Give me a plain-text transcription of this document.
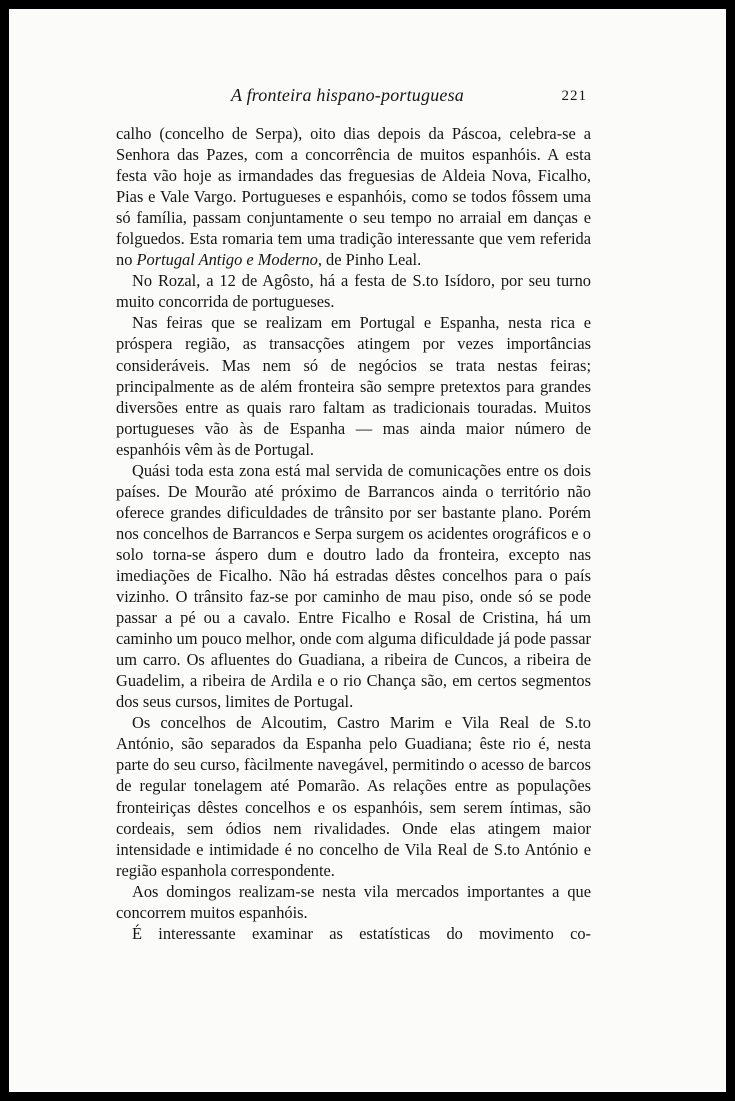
A fronteira hispano-portuguesa	221

calho (concelho de Serpa), oito dias depois da Páscoa, celebra-se a Senhora das Pazes, com a concorrência de muitos espanhóis. A esta festa vão hoje as irmandades das freguesias de Aldeia Nova, Ficalho, Pias e Vale Vargo. Portugueses e espanhóis, como se todos fôssem uma só família, passam conjuntamente o seu tempo no arraial em danças e folguedos. Esta romaria tem uma tradição interessante que vem referida no Portugal Antigo e Moderno, de Pinho Leal.

No Rozal, a 12 de Agôsto, há a festa de S.to Isídoro, por seu turno muito concorrida de portugueses.

Nas feiras que se realizam em Portugal e Espanha, nesta rica e próspera região, as transacções atingem por vezes importâncias consideráveis. Mas nem só de negócios se trata nestas feiras; principalmente as de além fronteira são sempre pretextos para grandes diversões entre as quais raro faltam as tradicionais touradas. Muitos portugueses vão às de Espanha — mas ainda maior número de espanhóis vêm às de Portugal.

Quási toda esta zona está mal servida de comunicações entre os dois países. De Mourão até próximo de Barrancos ainda o território não oferece grandes dificuldades de trânsito por ser bastante plano. Porém nos concelhos de Barrancos e Serpa surgem os acidentes orográficos e o solo torna-se áspero dum e doutro lado da fronteira, excepto nas imediações de Ficalho. Não há estradas dêstes concelhos para o país vizinho. O trânsito faz-se por caminho de mau piso, onde só se pode passar a pé ou a cavalo. Entre Ficalho e Rosal de Cristina, há um caminho um pouco melhor, onde com alguma dificuldade já pode passar um carro. Os afluentes do Guadiana, a ribeira de Cuncos, a ribeira de Guadelim, a ribeira de Ardila e o rio Chança são, em certos segmentos dos seus cursos, limites de Portugal.

Os concelhos de Alcoutim, Castro Marim e Vila Real de S.to António, são separados da Espanha pelo Guadiana; êste rio é, nesta parte do seu curso, fàcilmente navegável, permitindo o acesso de barcos de regular tonelagem até Pomarão. As relações entre as populações fronteiriças dêstes concelhos e os espanhóis, sem serem íntimas, são cordeais, sem ódios nem rivalidades. Onde elas atingem maior intensidade e intimidade é no concelho de Vila Real de S.to António e região espanhola correspondente.

Aos domingos realizam-se nesta vila mercados importantes a que concorrem muitos espanhóis.

É interessante examinar as estatísticas do movimento co-
